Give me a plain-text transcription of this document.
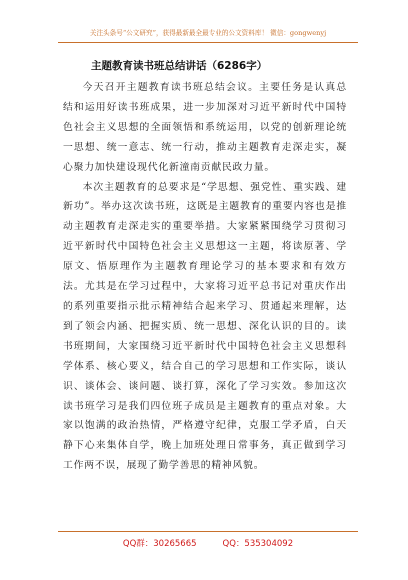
关注头条号“公文研究”，获得最新最全最专业的公文资料库！ 微信：gongwenyj
主题教育读书班总结讲话（6286字）

今天召开主题教育读书班总结会议。主要任务是认真总结和运用好读书班成果，进一步加深对习近平新时代中国特色社会主义思想的全面领悟和系统运用，以党的创新理论统一思想、统一意志、统一行动，推动主题教育走深走实，凝心聚力加快建设现代化新潼南贡献民政力量。

本次主题教育的总要求是“学思想、强党性、重实践、建新功”。举办这次读书班，这既是主题教育的重要内容也是推动主题教育走深走实的重要举措。大家紧紧围绕学习贯彻习近平新时代中国特色社会主义思想这一主题，将读原著、学原文、悟原理作为主题教育理论学习的基本要求和有效方法。尤其是在学习过程中，大家将习近平总书记对重庆作出的系列重要指示批示精神结合起来学习、贯通起来理解，达到了领会内涵、把握实质、统一思想、深化认识的目的。读书班期间，大家围绕习近平新时代中国特色社会主义思想科学体系、核心要义，结合自己的学习思想和工作实际，谈认识、谈体会、谈问题、谈打算，深化了学习实效。参加这次读书班学习是我们四位班子成员是主题教育的重点对象。大家以饱满的政治热情，严格遵守纪律，克服工学矛盾，白天静下心来集体自学，晚上加班处理日常事务，真正做到学习工作两不误，展现了勤学善思的精神风貌。

QQ群：30265665	QQ：535304092
